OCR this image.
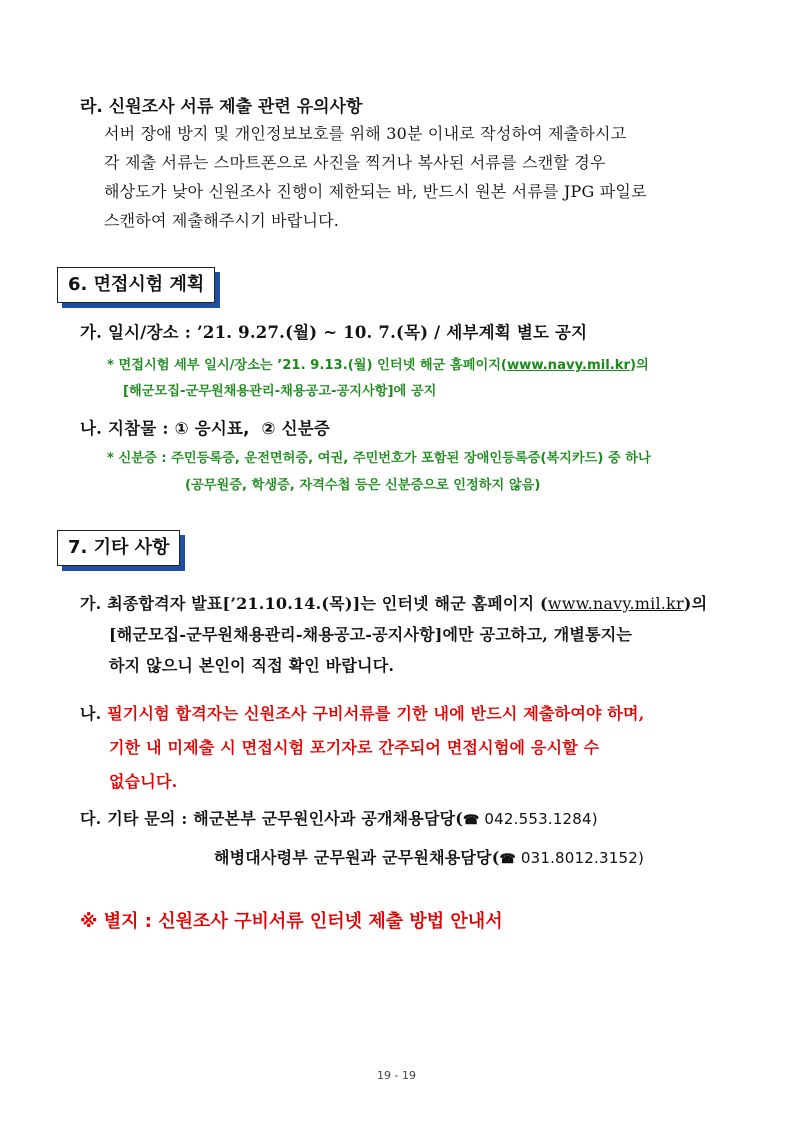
라. 신원조사 서류 제출 관련 유의사항
서버 장애 방지 및 개인정보보호를 위해 30분 이내로 작성하여 제출하시고
각 제출 서류는 스마트폰으로 사진을 찍거나 복사된 서류를 스캔할 경우
해상도가 낮아 신원조사 진행이 제한되는 바, 반드시 원본 서류를 JPG 파일로
스캔하여 제출해주시기 바랍니다.
6. 면접시험 계획
가. 일시/장소 : ’21. 9.27.(월) ~ 10. 7.(목) / 세부계획 별도 공지
* 면접시험 세부 일시/장소는 ’21. 9.13.(월) 인터넷 해군 홈페이지(www.navy.mil.kr)의
[해군모집-군무원채용관리-채용공고-공지사항]에 공지
나. 지참물 : ① 응시표, ② 신분증
* 신분증 : 주민등록증, 운전면허증, 여권, 주민번호가 포함된 장애인등록증(복지카드) 중 하나
(공무원증, 학생증, 자격수첩 등은 신분증으로 인정하지 않음)
7. 기타 사항
가. 최종합격자 발표[’21.10.14.(목)]는 인터넷 해군 홈페이지 (www.navy.mil.kr)의
[해군모집-군무원채용관리-채용공고-공지사항]에만 공고하고, 개별통지는
하지 않으니 본인이 직접 확인 바랍니다.
나. 필기시험 합격자는 신원조사 구비서류를 기한 내에 반드시 제출하여야 하며,
기한 내 미제출 시 면접시험 포기자로 간주되어 면접시험에 응시할 수
없습니다.
다. 기타 문의 : 해군본부 군무원인사과 공개채용담당(☎ 042.553.1284)
해병대사령부 군무원과 군무원채용담당(☎ 031.8012.3152)
※ 별지 : 신원조사 구비서류 인터넷 제출 방법 안내서
19 - 19
